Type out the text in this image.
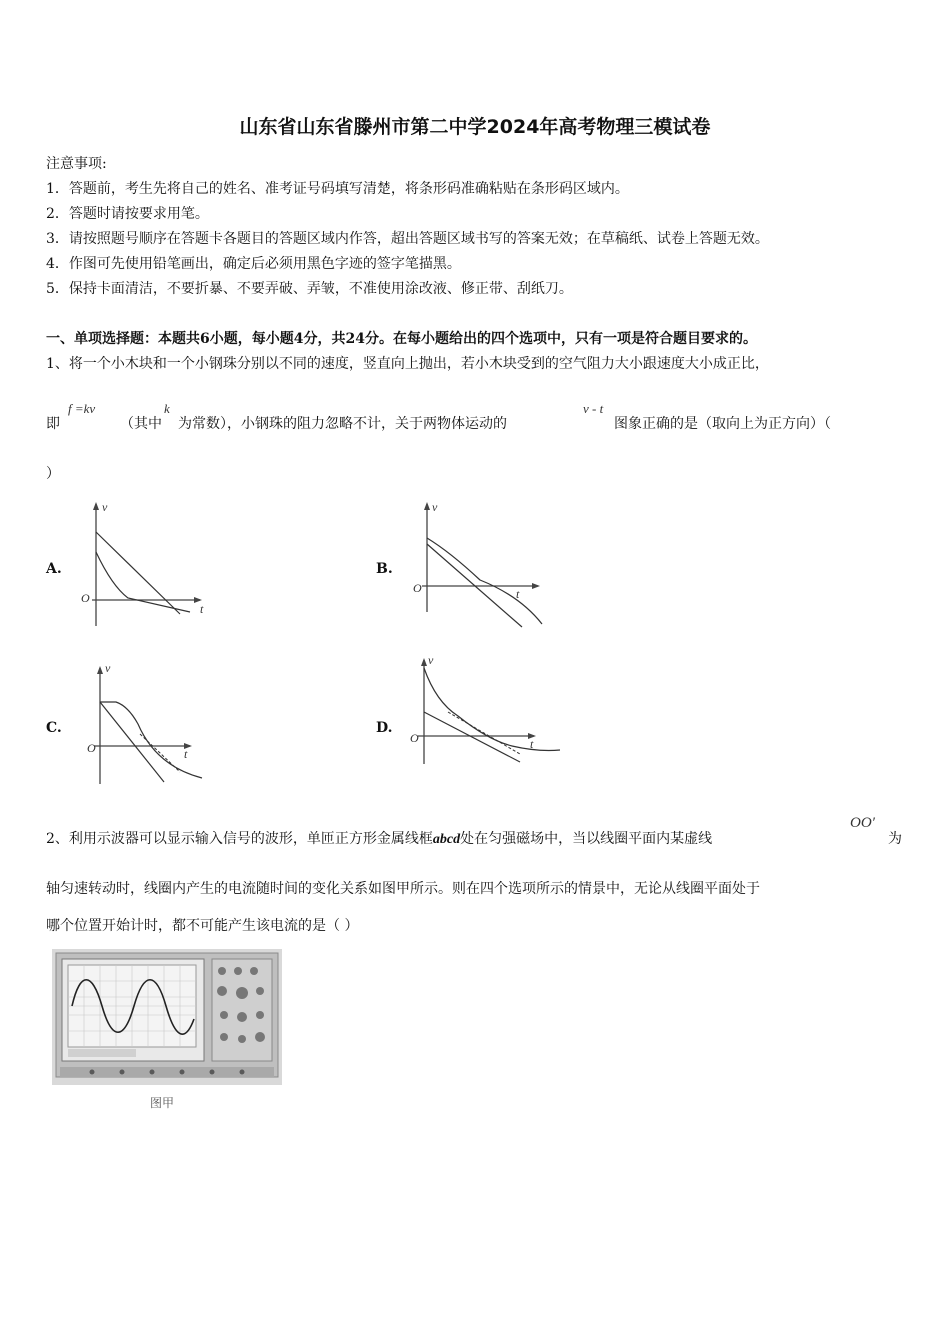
山东省山东省滕州市第二中学2024年高考物理三模试卷
注意事项:
1．答题前，考生先将自己的姓名、准考证号码填写清楚，将条形码准确粘贴在条形码区域内。
2．答题时请按要求用笔。
3．请按照题号顺序在答题卡各题目的答题区域内作答，超出答题区域书写的答案无效；在草稿纸、试卷上答题无效。
4．作图可先使用铅笔画出，确定后必须用黑色字迹的签字笔描黑。
5．保持卡面清洁，不要折暴、不要弄破、弄皱，不准使用涂改液、修正带、刮纸刀。
一、单项选择题：本题共6小题，每小题4分，共24分。在每小题给出的四个选项中，只有一项是符合题目要求的。
1、将一个小木块和一个小钢珠分别以不同的速度，竖直向上抛出，若小木块受到的空气阻力大小跟速度大小成正比，
即
f =kv
（其中
k
为常数），小钢珠的阻力忽略不计，关于两物体运动的
v - t
图象正确的是（取向上为正方向）（
）
A.
v
O
t
B.
v
O	t
C.
v
O	t
D.
v
O	t
2、利用示波器可以显示输入信号的波形，单匝正方形金属线框abcd处在匀强磁场中，当以线圈平面内某虚线
OO′
为
轴匀速转动时，线圈内产生的电流随时间的变化关系如图甲所示。则在四个选项所示的情景中，无论从线圈平面处于
哪个位置开始计时，都不可能产生该电流的是（ ）
图甲
